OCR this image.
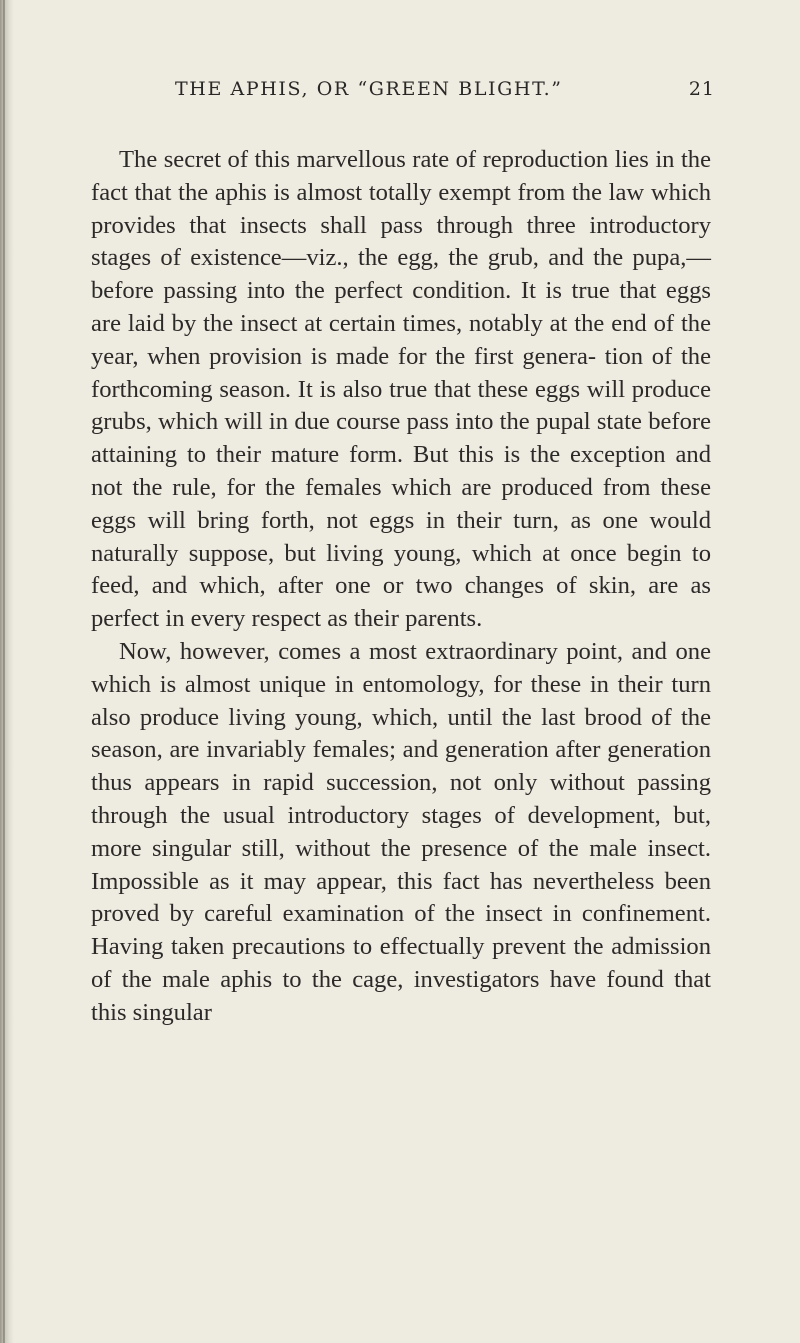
THE APHIS, OR “GREEN BLIGHT.”	21

The secret of this marvellous rate of reproduction lies in the fact that the aphis is almost totally exempt from the law which provides that insects shall pass through three introductory stages of existence—viz., the egg, the grub, and the pupa,—before passing into the perfect condition. It is true that eggs are laid by the insect at certain times, notably at the end of the year, when provision is made for the first genera- tion of the forthcoming season. It is also true that these eggs will produce grubs, which will in due course pass into the pupal state before attaining to their mature form. But this is the exception and not the rule, for the females which are produced from these eggs will bring forth, not eggs in their turn, as one would naturally suppose, but living young, which at once begin to feed, and which, after one or two changes of skin, are as perfect in every respect as their parents.

Now, however, comes a most extraordinary point, and one which is almost unique in entomology, for these in their turn also produce living young, which, until the last brood of the season, are invariably females; and generation after generation thus appears in rapid succession, not only without passing through the usual introductory stages of development, but, more singular still, without the presence of the male insect. Impossible as it may appear, this fact has nevertheless been proved by careful examination of the insect in confinement. Having taken precautions to effectually prevent the admission of the male aphis to the cage, investigators have found that this singular
